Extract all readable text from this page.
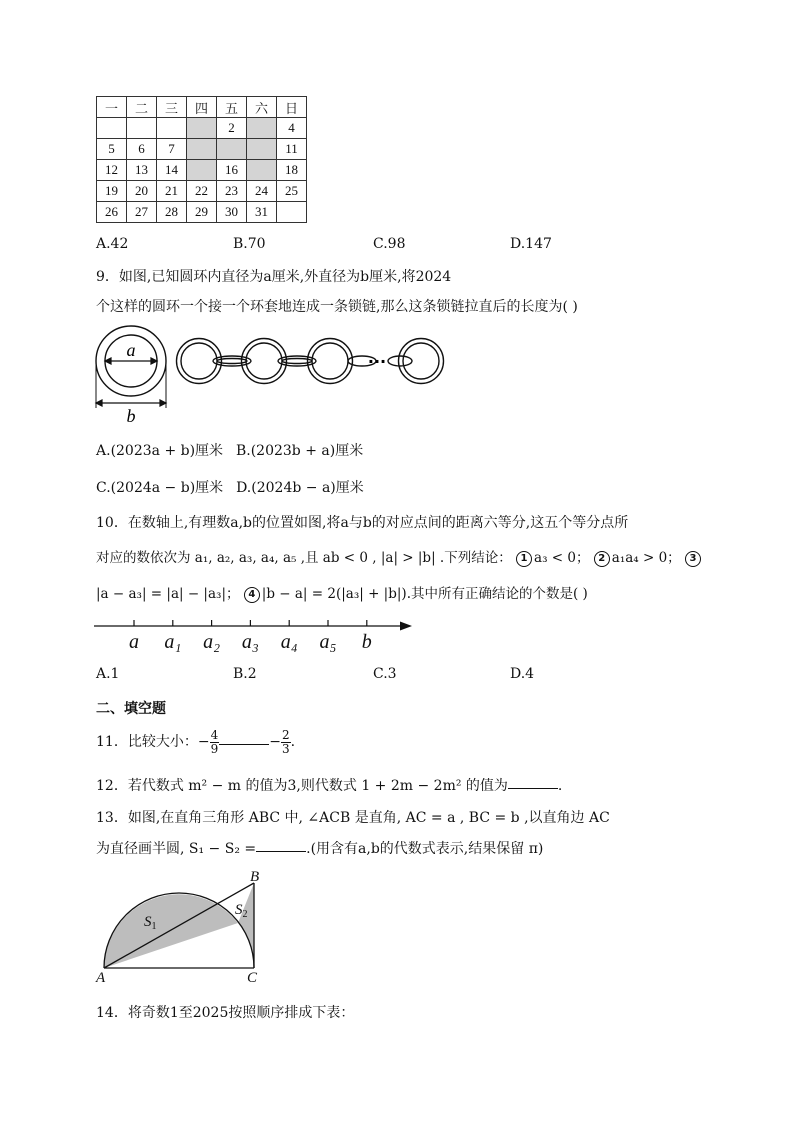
一	二	三	四	五	六	日
				2		4
5	6	7				11
12	13	14		16		18
19	20	21	22	23	24	25
26	27	28	29	30	31	
A.42	B.70	C.98	D.147
9．如图,已知圆环内直径为a厘米,外直径为b厘米,将2024
个这样的圆环一个接一个环套地连成一条锁链,那么这条锁链拉直后的长度为( )
a
b
···
A.(2023a + b)厘米 B.(2023b + a)厘米
C.(2024a − b)厘米 D.(2024b − a)厘米
10．在数轴上,有理数a,b的位置如图,将a与b的对应点间的距离六等分,这五个等分点所
对应的数依次为 a₁, a₂, a₃, a₄, a₅ ,且 ab < 0 , |a| > |b| .下列结论： 1 a₃ < 0； 2 a₁a₄ > 0； 3
|a − a₃| = |a| − |a₃|； 4 |b − a| = 2(|a₃| + |b|).其中所有正确结论的个数是( )
a a₁ a₂ a₃ a₄ a₅ b
A.1	B.2	C.3	D.4
二、填空题
11．比较大小：− $\frac{4}{9}$	− $\frac{2}{3}$ .
12．若代数式 m² − m 的值为3,则代数式 1 + 2m − 2m² 的值为	.
13．如图,在直角三角形 ABC 中, ∠ACB 是直角, AC = a , BC = b ,以直角边 AC
为直径画半圆, S₁ − S₂ =	.(用含有a,b的代数式表示,结果保留 π)
A	C
B
$S_1$
$S_2$
14．将奇数1至2025按照顺序排成下表：
